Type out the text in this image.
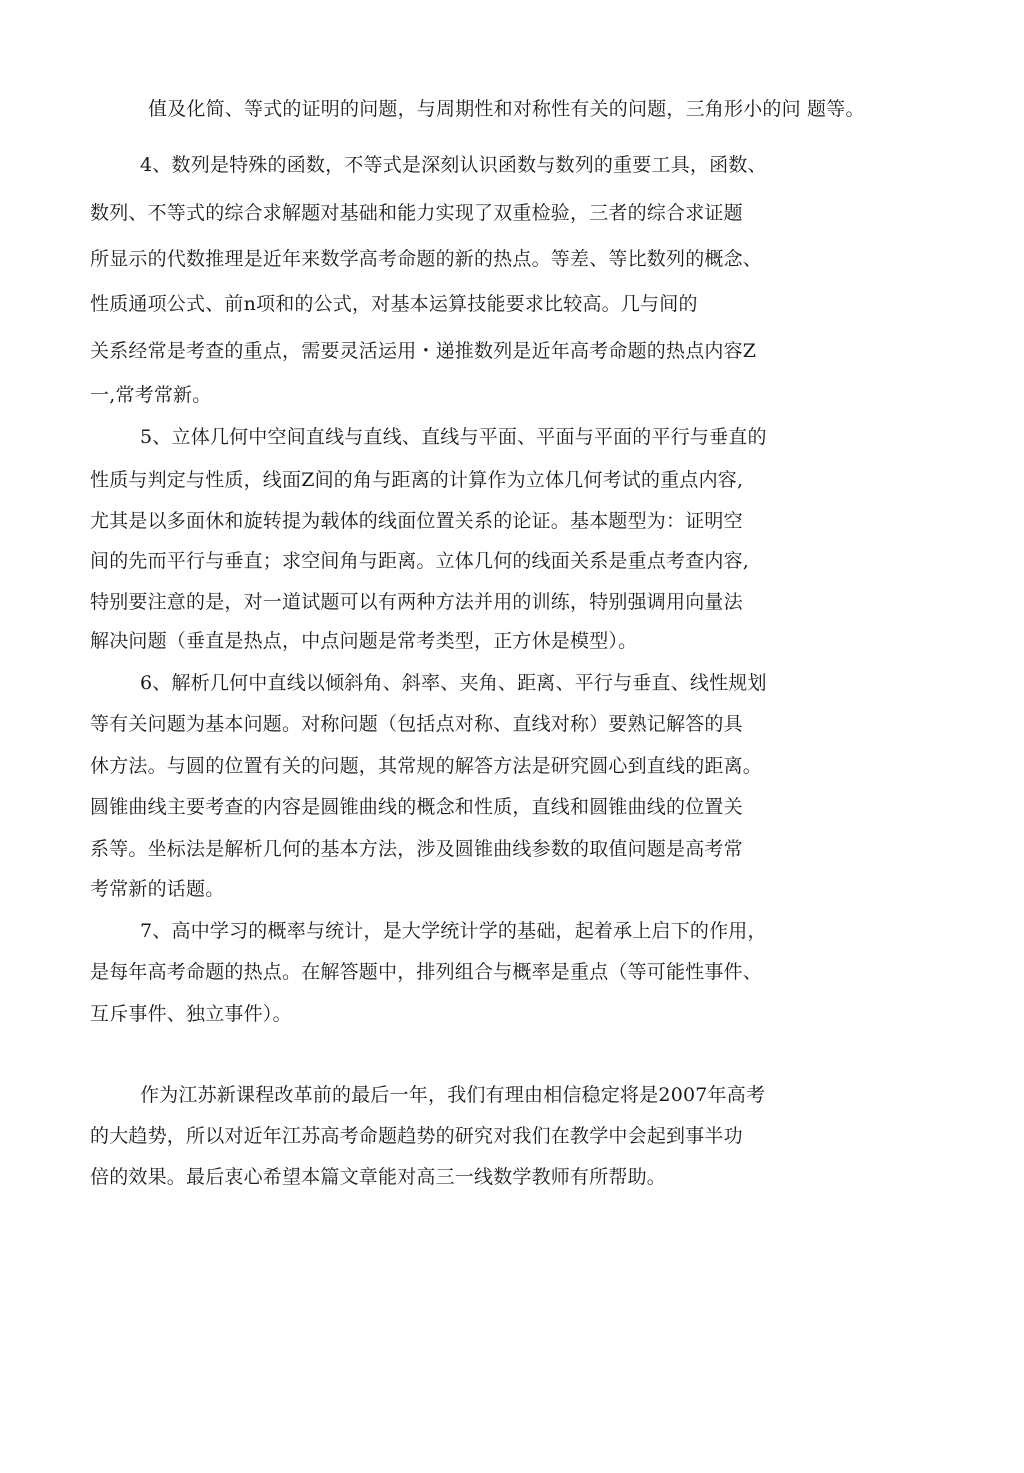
值及化简、等式的证明的问题，与周期性和对称性有关的问题，三角形小的问 题等。
4、数列是特殊的函数，不等式是深刻认识函数与数列的重要工具，函数、
数列、不等式的综合求解题对基础和能力实现了双重检验，三者的综合求证题
所显示的代数推理是近年来数学高考命题的新的热点。等差、等比数列的概念、
性质通项公式、前n项和的公式，对基本运算技能要求比较高。几与间的
关系经常是考查的重点，需要灵活运用・递推数列是近年高考命题的热点内容Z
一,常考常新。
5、立体几何中空间直线与直线、直线与平面、平面与平面的平行与垂直的
性质与判定与性质，线面Z间的角与距离的计算作为立体几何考试的重点内容,
尤其是以多面休和旋转提为载体的线面位置关系的论证。基本题型为：证明空
间的先而平行与垂直；求空间角与距离。立体几何的线面关系是重点考查内容,
特别要注意的是，对一道试题可以有两种方法并用的训练，特别强调用向量法
解决问题（垂直是热点，中点问题是常考类型，正方休是模型）。
6、解析几何中直线以倾斜角、斜率、夹角、距离、平行与垂直、线性规划
等有关问题为基本问题。对称问题（包括点对称、直线对称）要熟记解答的具
休方法。与圆的位置有关的问题，其常规的解答方法是研究圆心到直线的距离。
圆锥曲线主要考查的内容是圆锥曲线的概念和性质，直线和圆锥曲线的位置关
系等。坐标法是解析几何的基本方法，涉及圆锥曲线参数的取值问题是高考常
考常新的话题。
7、高中学习的概率与统计，是大学统计学的基础，起着承上启下的作用，
是每年高考命题的热点。在解答题中，排列组合与概率是重点（等可能性事件、
互斥事件、独立事件）。
作为江苏新课程改革前的最后一年，我们有理由相信稳定将是2007年高考
的大趋势，所以对近年江苏高考命题趋势的研究对我们在教学中会起到事半功
倍的效果。最后衷心希望本篇文章能对高三一线数学教师有所帮助。
